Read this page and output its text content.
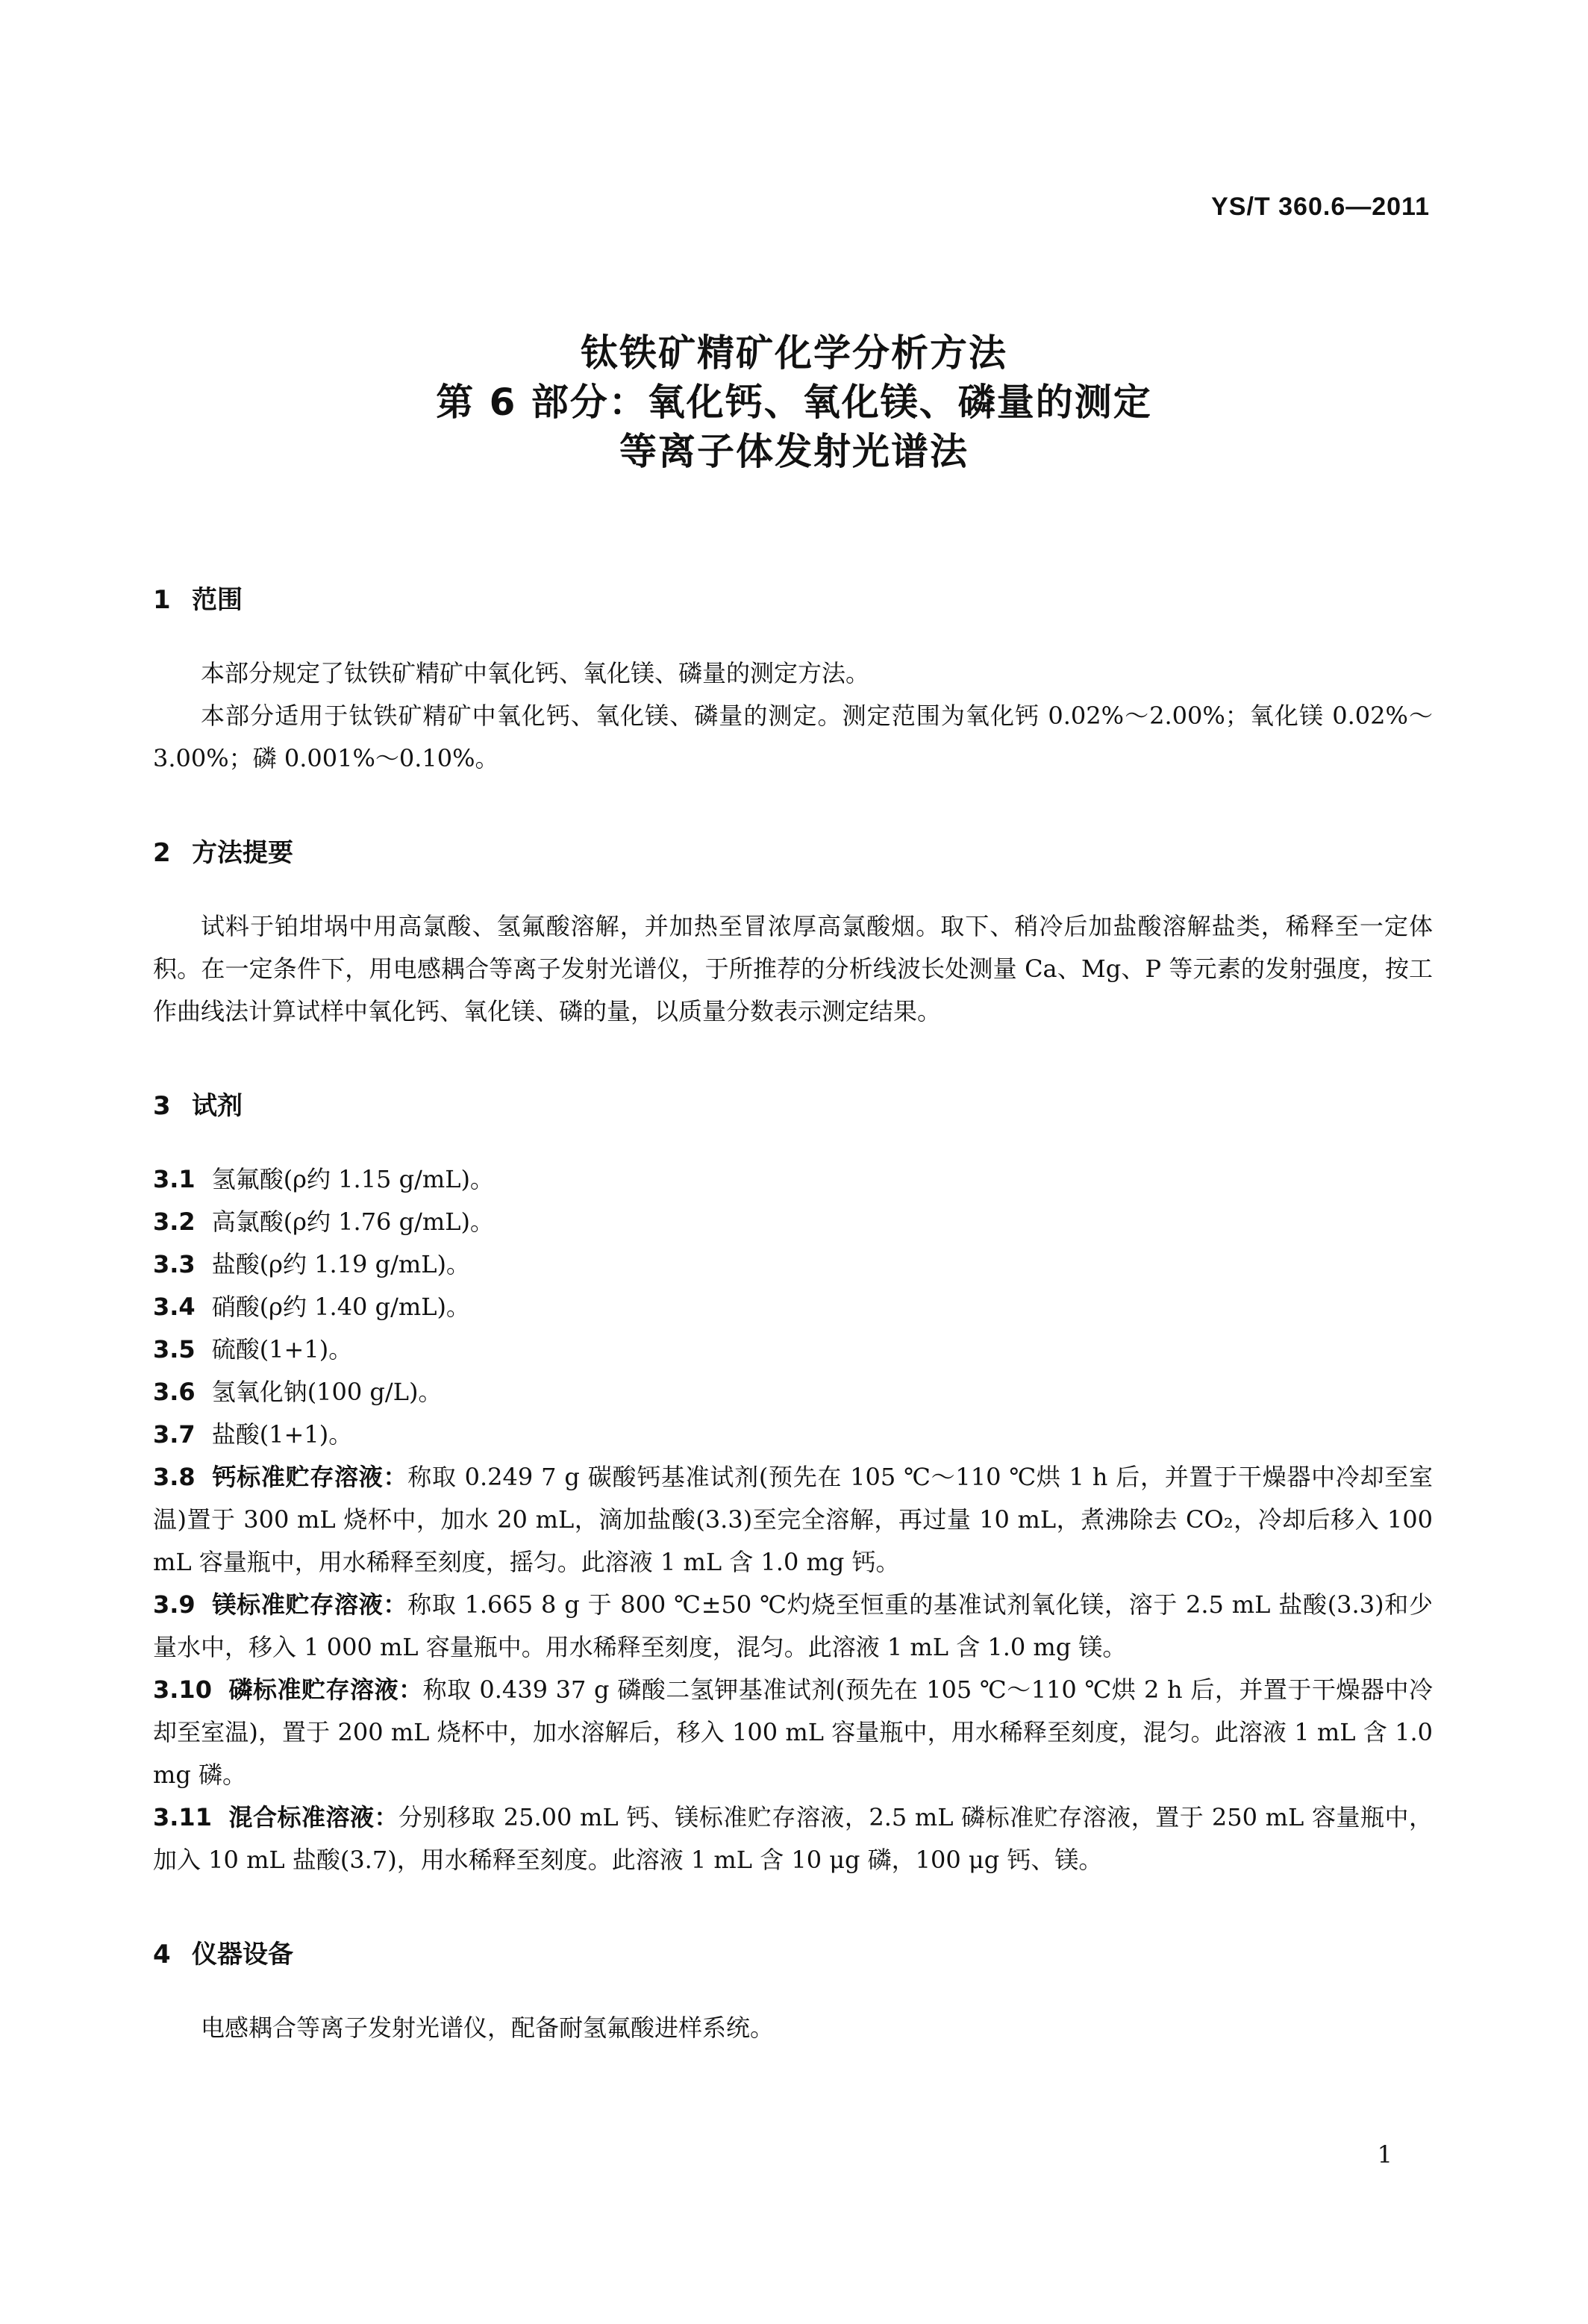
YS/T 360.6—2011
钛铁矿精矿化学分析方法
第 6 部分：氧化钙、氧化镁、磷量的测定
等离子体发射光谱法
1 范围

本部分规定了钛铁矿精矿中氧化钙、氧化镁、磷量的测定方法。

本部分适用于钛铁矿精矿中氧化钙、氧化镁、磷量的测定。测定范围为氧化钙 0.02%～2.00%；氧化镁 0.02%～3.00%；磷 0.001%～0.10%。

2 方法提要

试料于铂坩埚中用高氯酸、氢氟酸溶解，并加热至冒浓厚高氯酸烟。取下、稍冷后加盐酸溶解盐类，稀释至一定体积。在一定条件下，用电感耦合等离子发射光谱仪，于所推荐的分析线波长处测量 Ca、Mg、P 等元素的发射强度，按工作曲线法计算试样中氧化钙、氧化镁、磷的量，以质量分数表示测定结果。

3 试剂

3.1 氢氟酸(ρ约 1.15 g/mL)。

3.2 高氯酸(ρ约 1.76 g/mL)。

3.3 盐酸(ρ约 1.19 g/mL)。

3.4 硝酸(ρ约 1.40 g/mL)。

3.5 硫酸(1+1)。

3.6 氢氧化钠(100 g/L)。

3.7 盐酸(1+1)。

3.8 钙标准贮存溶液：称取 0.249 7 g 碳酸钙基准试剂(预先在 105 ℃～110 ℃烘 1 h 后，并置于干燥器中冷却至室温)置于 300 mL 烧杯中，加水 20 mL，滴加盐酸(3.3)至完全溶解，再过量 10 mL，煮沸除去 CO₂，冷却后移入 100 mL 容量瓶中，用水稀释至刻度，摇匀。此溶液 1 mL 含 1.0 mg 钙。

3.9 镁标准贮存溶液：称取 1.665 8 g 于 800 ℃±50 ℃灼烧至恒重的基准试剂氧化镁，溶于 2.5 mL 盐酸(3.3)和少量水中，移入 1 000 mL 容量瓶中。用水稀释至刻度，混匀。此溶液 1 mL 含 1.0 mg 镁。

3.10 磷标准贮存溶液：称取 0.439 37 g 磷酸二氢钾基准试剂(预先在 105 ℃～110 ℃烘 2 h 后，并置于干燥器中冷却至室温)，置于 200 mL 烧杯中，加水溶解后，移入 100 mL 容量瓶中，用水稀释至刻度，混匀。此溶液 1 mL 含 1.0 mg 磷。

3.11 混合标准溶液：分别移取 25.00 mL 钙、镁标准贮存溶液，2.5 mL 磷标准贮存溶液，置于 250 mL 容量瓶中，加入 10 mL 盐酸(3.7)，用水稀释至刻度。此溶液 1 mL 含 10 μg 磷，100 μg 钙、镁。

4 仪器设备

电感耦合等离子发射光谱仪，配备耐氢氟酸进样系统。

1
